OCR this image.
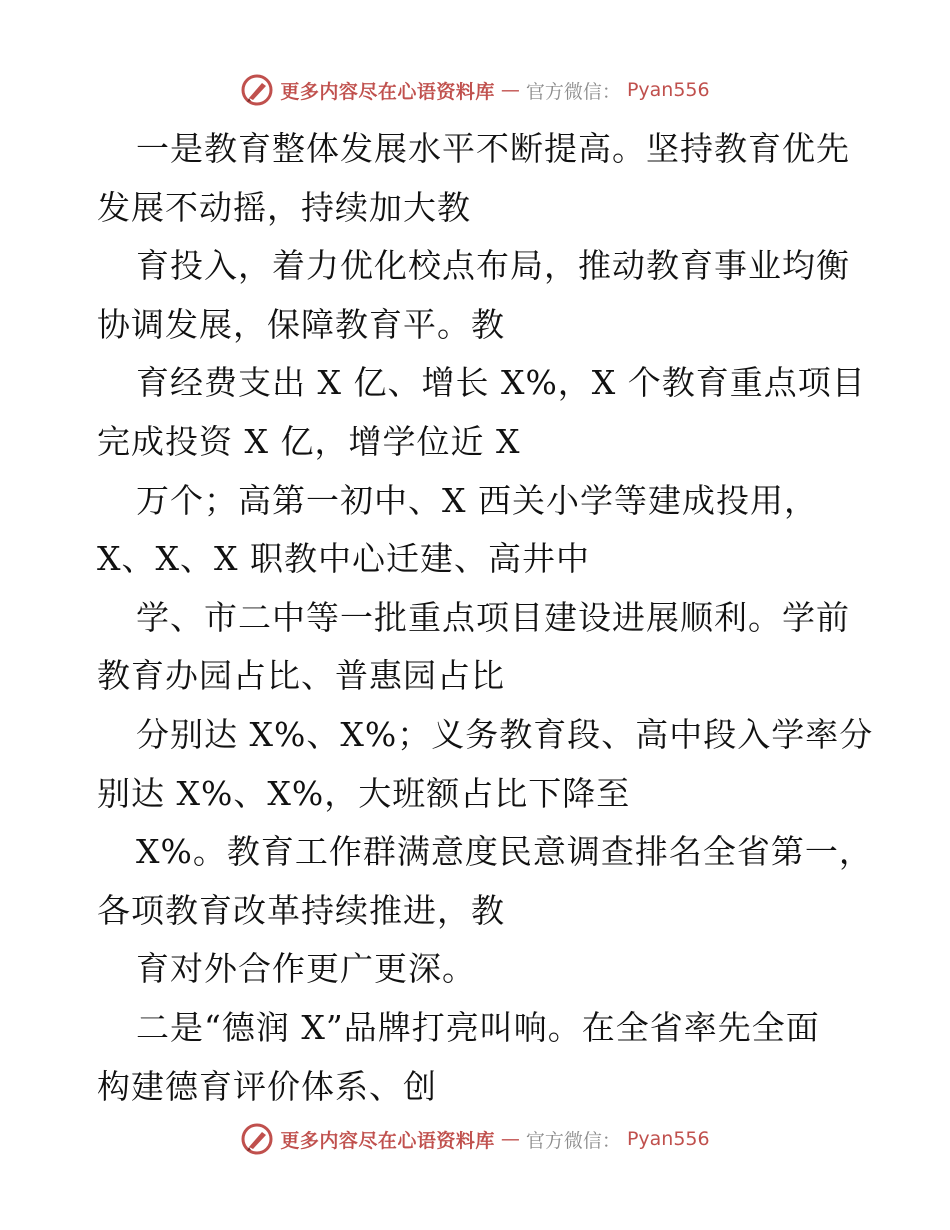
更多内容尽在心语资料库 — 官方微信： Pyan556
一是教育整体发展水平不断提高。坚持教育优先
发展不动摇，持续加大教
育投入，着力优化校点布局，推动教育事业均衡
协调发展，保障教育平。教
育经费支出 X 亿、增长 X%，X 个教育重点项目
完成投资 X 亿，增学位近 X
万个；高第一初中、X 西关小学等建成投用，
X、X、X 职教中心迁建、高井中
学、市二中等一批重点项目建设进展顺利。学前
教育办园占比、普惠园占比
分别达 X%、X%；义务教育段、高中段入学率分
别达 X%、X%，大班额占比下降至
X%。教育工作群满意度民意调查排名全省第一，
各项教育改革持续推进，教
育对外合作更广更深。
二是“德润 X”品牌打亮叫响。在全省率先全面
构建德育评价体系、创
更多内容尽在心语资料库 — 官方微信： Pyan556
